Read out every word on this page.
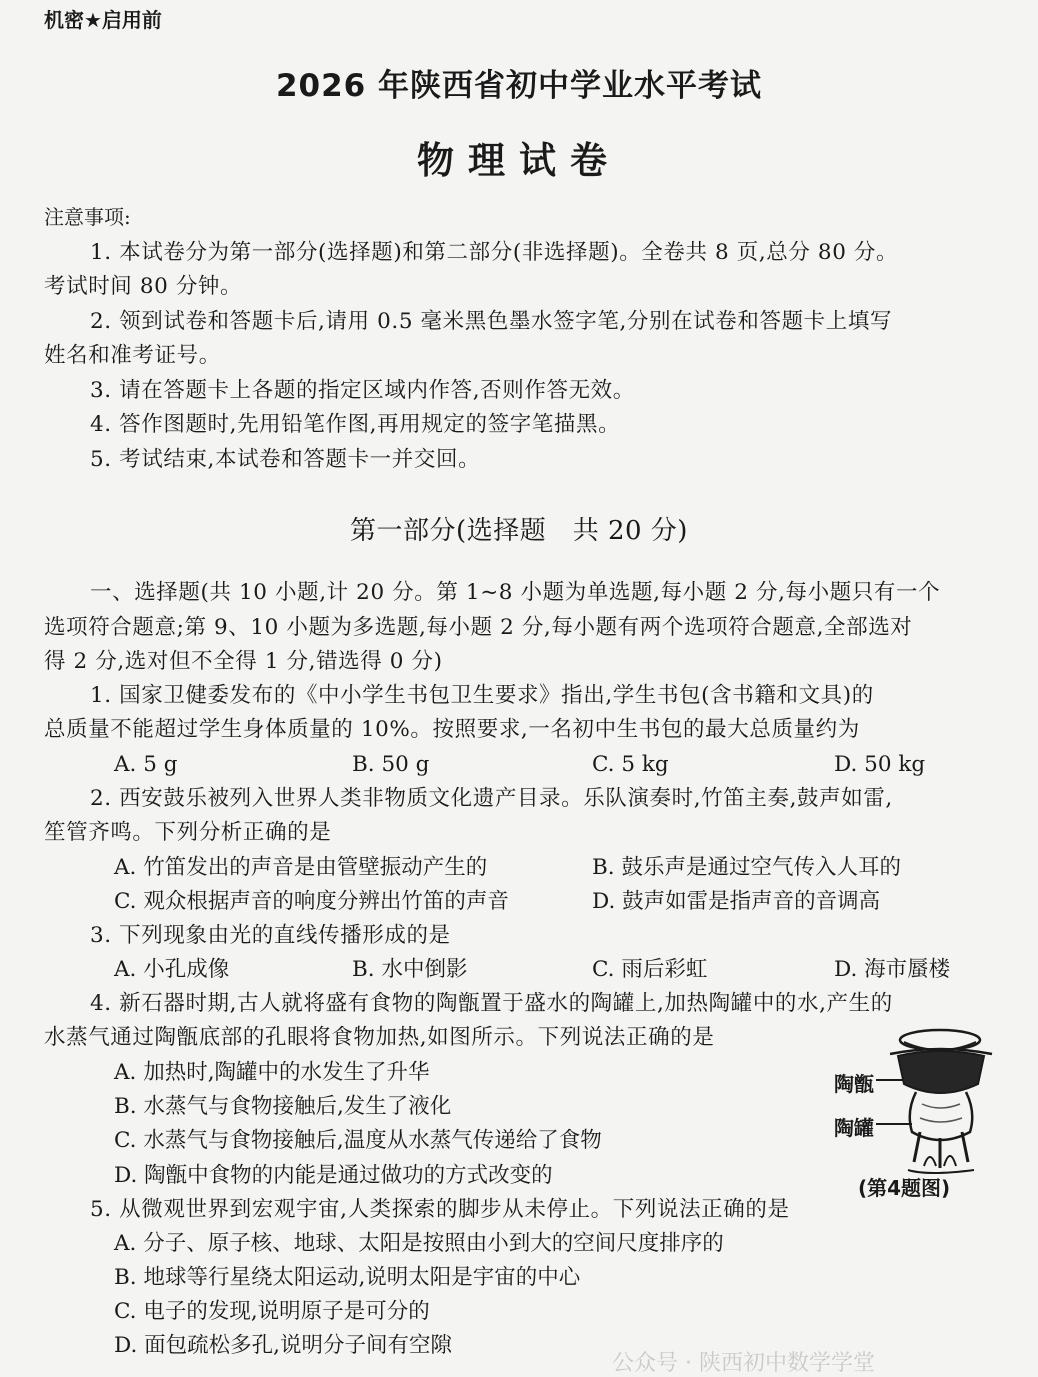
机密★启用前
2026 年陕西省初中学业水平考试
物理试卷
注意事项:
1. 本试卷分为第一部分(选择题)和第二部分(非选择题)。全卷共 8 页,总分 80 分。
考试时间 80 分钟。
2. 领到试卷和答题卡后,请用 0.5 毫米黑色墨水签字笔,分别在试卷和答题卡上填写
姓名和准考证号。
3. 请在答题卡上各题的指定区域内作答,否则作答无效。
4. 答作图题时,先用铅笔作图,再用规定的签字笔描黑。
5. 考试结束,本试卷和答题卡一并交回。
第一部分(选择题　共 20 分)
一、选择题(共 10 小题,计 20 分。第 1~8 小题为单选题,每小题 2 分,每小题只有一个
选项符合题意;第 9、10 小题为多选题,每小题 2 分,每小题有两个选项符合题意,全部选对
得 2 分,选对但不全得 1 分,错选得 0 分)
1. 国家卫健委发布的《中小学生书包卫生要求》指出,学生书包(含书籍和文具)的
总质量不能超过学生身体质量的 10%。按照要求,一名初中生书包的最大总质量约为
A. 5 g	B. 50 g	C. 5 kg	D. 50 kg
2. 西安鼓乐被列入世界人类非物质文化遗产目录。乐队演奏时,竹笛主奏,鼓声如雷,
笙管齐鸣。下列分析正确的是
A. 竹笛发出的声音是由管壁振动产生的	B. 鼓乐声是通过空气传入人耳的
C. 观众根据声音的响度分辨出竹笛的声音	D. 鼓声如雷是指声音的音调高
3. 下列现象由光的直线传播形成的是
A. 小孔成像	B. 水中倒影	C. 雨后彩虹	D. 海市蜃楼
4. 新石器时期,古人就将盛有食物的陶甑置于盛水的陶罐上,加热陶罐中的水,产生的
水蒸气通过陶甑底部的孔眼将食物加热,如图所示。下列说法正确的是
A. 加热时,陶罐中的水发生了升华
B. 水蒸气与食物接触后,发生了液化
C. 水蒸气与食物接触后,温度从水蒸气传递给了食物
D. 陶甑中食物的内能是通过做功的方式改变的
陶甑
陶罐
(第4题图)
5. 从微观世界到宏观宇宙,人类探索的脚步从未停止。下列说法正确的是
A. 分子、原子核、地球、太阳是按照由小到大的空间尺度排序的
B. 地球等行星绕太阳运动,说明太阳是宇宙的中心
C. 电子的发现,说明原子是可分的
D. 面包疏松多孔,说明分子间有空隙
公众号 · 陕西初中数学学堂
